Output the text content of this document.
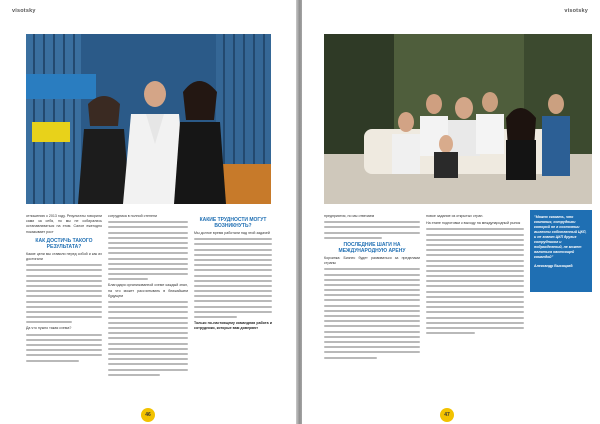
visotsky

отношению к 2013 году. Результаты говорили сами за себя, но мы не собирались останавливаться на этом. Салон ежегодно показывает рост

КАК ДОСТИЧЬ ТАКОГО РЕЗУЛЬТАТА?

Какие цели мы ставили перед собой и как их достигали

Да что нужно такая схема?

сотрудника в полной степени

Благодаря организованной схеме каждый знал, на что может рассчитывать в ближайшем будущем

КАКИЕ ТРУДНОСТИ МОГУТ ВОЗНИКНУТЬ?

Мы долгое время работали над этой задачей

Только по-настоящему командная работа и сотрудники, которые вам доверяют

46
visotsky

предприятия, но мы отвечаем

ПОСЛЕДНИЕ ШАГИ НА МЕЖДУНАРОДНУЮ АРЕНУ

Корзинка: Бизнес будет развиваться за пределами страны

новое задание из открытых стран.

На этапе подготовки к выходу на международный рынок

"Можно сказать, что компания, сотрудники которой не в состоянии вывести собственный ЦКП, и не знают ЦКП других сотрудников и подразделений, не может являться настоящей командой"
Александр Высоцкий
47
